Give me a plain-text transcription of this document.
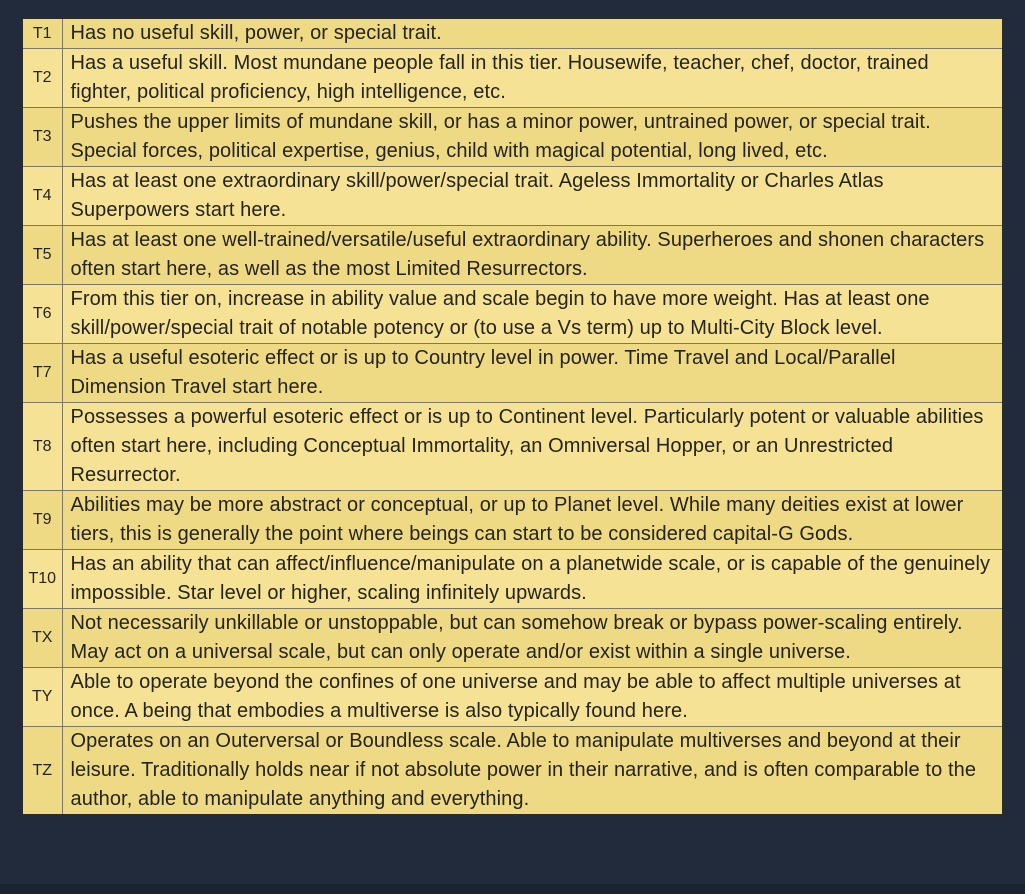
T1	Has no useful skill, power, or special trait.
T2	Has a useful skill. Most mundane people fall in this tier. Housewife, teacher, chef, doctor, trained fighter, political proficiency, high intelligence, etc.
T3	Pushes the upper limits of mundane skill, or has a minor power, untrained power, or special trait. Special forces, political expertise, genius, child with magical potential, long lived, etc.
T4	Has at least one extraordinary skill/power/special trait. Ageless Immortality or Charles Atlas Superpowers start here.
T5	Has at least one well-trained/versatile/useful extraordinary ability. Superheroes and shonen characters often start here, as well as the most Limited Resurrectors.
T6	From this tier on, increase in ability value and scale begin to have more weight. Has at least one skill/power/special trait of notable potency or (to use a Vs term) up to Multi-City Block level.
T7	Has a useful esoteric effect or is up to Country level in power. Time Travel and Local/Parallel Dimension Travel start here.
T8	Possesses a powerful esoteric effect or is up to Continent level. Particularly potent or valuable abilities often start here, including Conceptual Immortality, an Omniversal Hopper, or an Unrestricted Resurrector.
T9	Abilities may be more abstract or conceptual, or up to Planet level. While many deities exist at lower tiers, this is generally the point where beings can start to be considered capital-G Gods.
T10	Has an ability that can affect/influence/manipulate on a planetwide scale, or is capable of the genuinely impossible. Star level or higher, scaling infinitely upwards.
TX	Not necessarily unkillable or unstoppable, but can somehow break or bypass power-scaling entirely. May act on a universal scale, but can only operate and/or exist within a single universe.
TY	Able to operate beyond the confines of one universe and may be able to affect multiple universes at once. A being that embodies a multiverse is also typically found here.
TZ	Operates on an Outerversal or Boundless scale. Able to manipulate multiverses and beyond at their leisure. Traditionally holds near if not absolute power in their narrative, and is often comparable to the author, able to manipulate anything and everything.
